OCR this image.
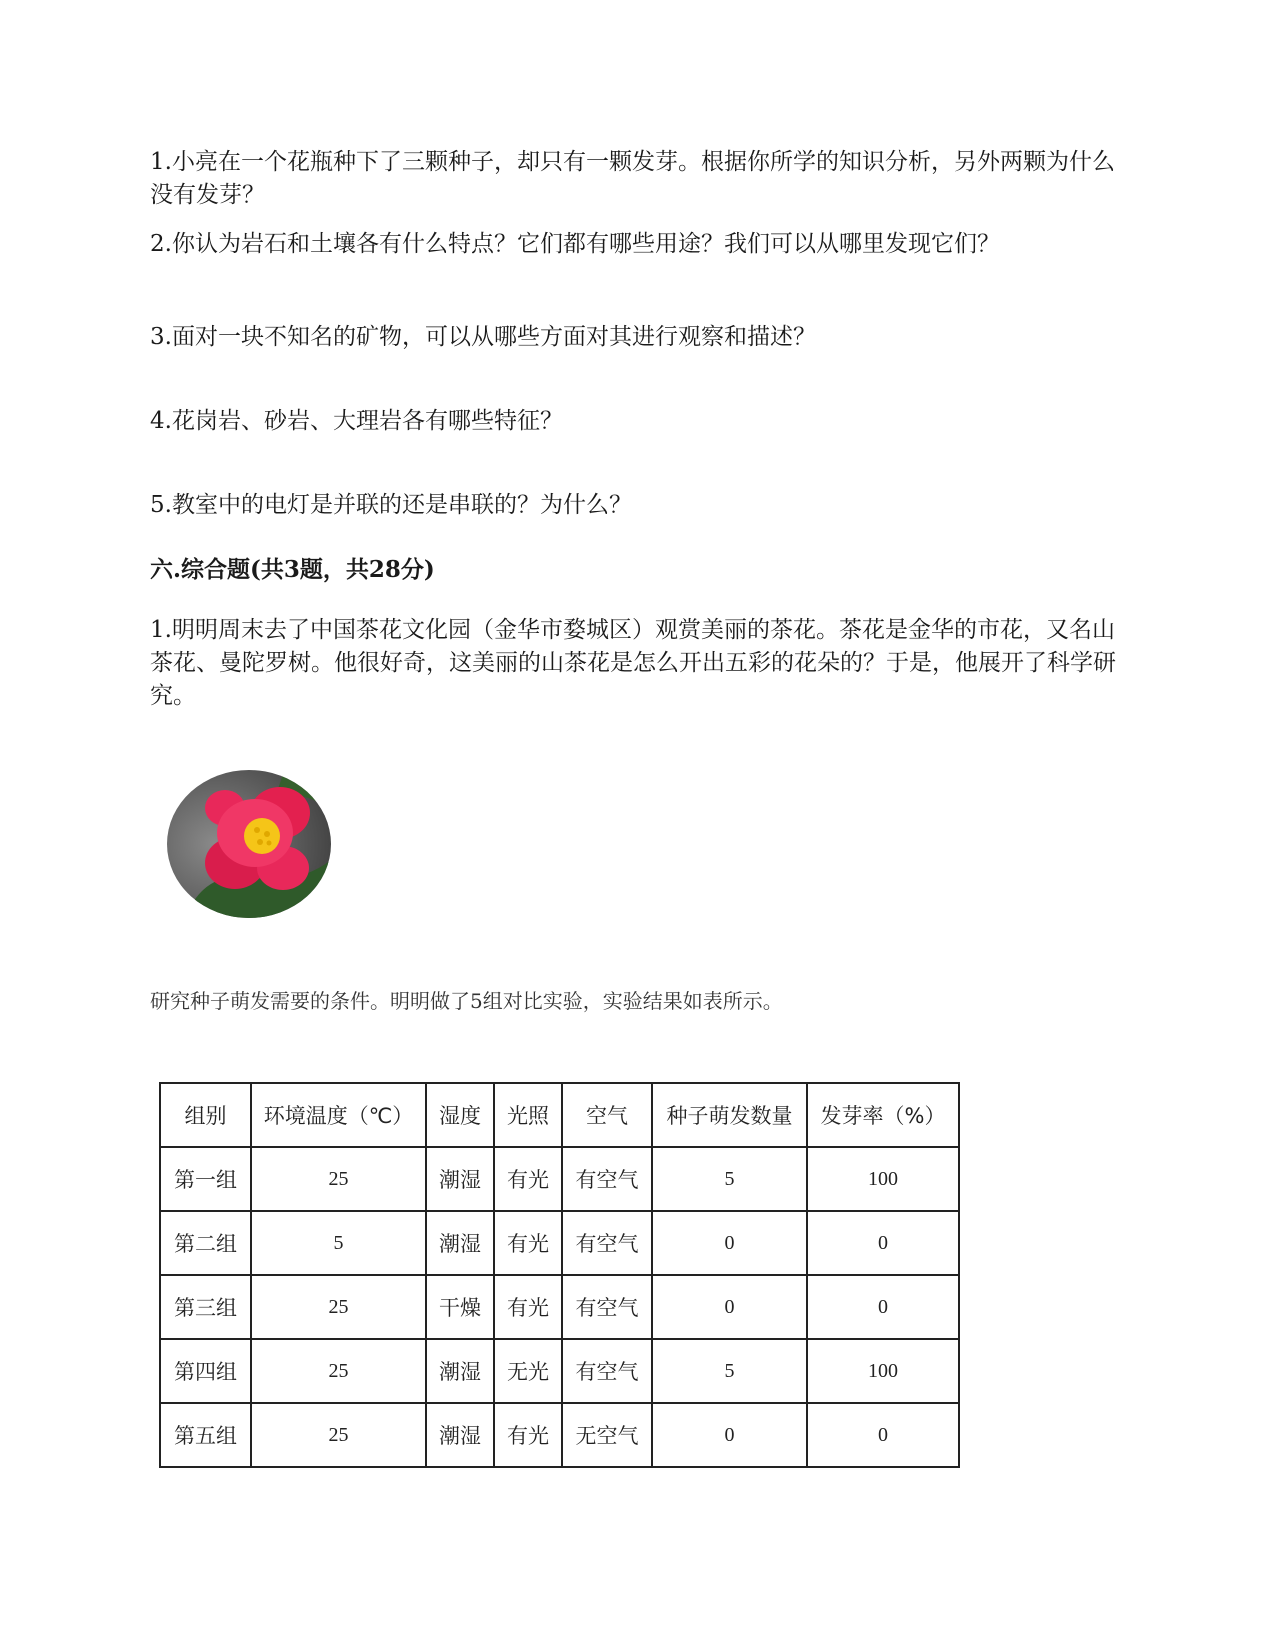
1.小亮在一个花瓶种下了三颗种子，却只有一颗发芽。根据你所学的知识分析，另外两颗为什么没有发芽？

2.你认为岩石和土壤各有什么特点？它们都有哪些用途？我们可以从哪里发现它们？

3.面对一块不知名的矿物，可以从哪些方面对其进行观察和描述？

4.花岗岩、砂岩、大理岩各有哪些特征？

5.教室中的电灯是并联的还是串联的？为什么？

六.综合题(共3题，共28分)

1.明明周末去了中国茶花文化园（金华市婺城区）观赏美丽的茶花。茶花是金华的市花，又名山茶花、曼陀罗树。他很好奇，这美丽的山茶花是怎么开出五彩的花朵的？于是，他展开了科学研究。

研究种子萌发需要的条件。明明做了5组对比实验，实验结果如表所示。

组别	环境温度（℃）	湿度	光照	空气	种子萌发数量	发芽率（%）
第一组	25	潮湿	有光	有空气	5	100
第二组	5	潮湿	有光	有空气	0	0
第三组	25	干燥	有光	有空气	0	0
第四组	25	潮湿	无光	有空气	5	100
第五组	25	潮湿	有光	无空气	0	0
